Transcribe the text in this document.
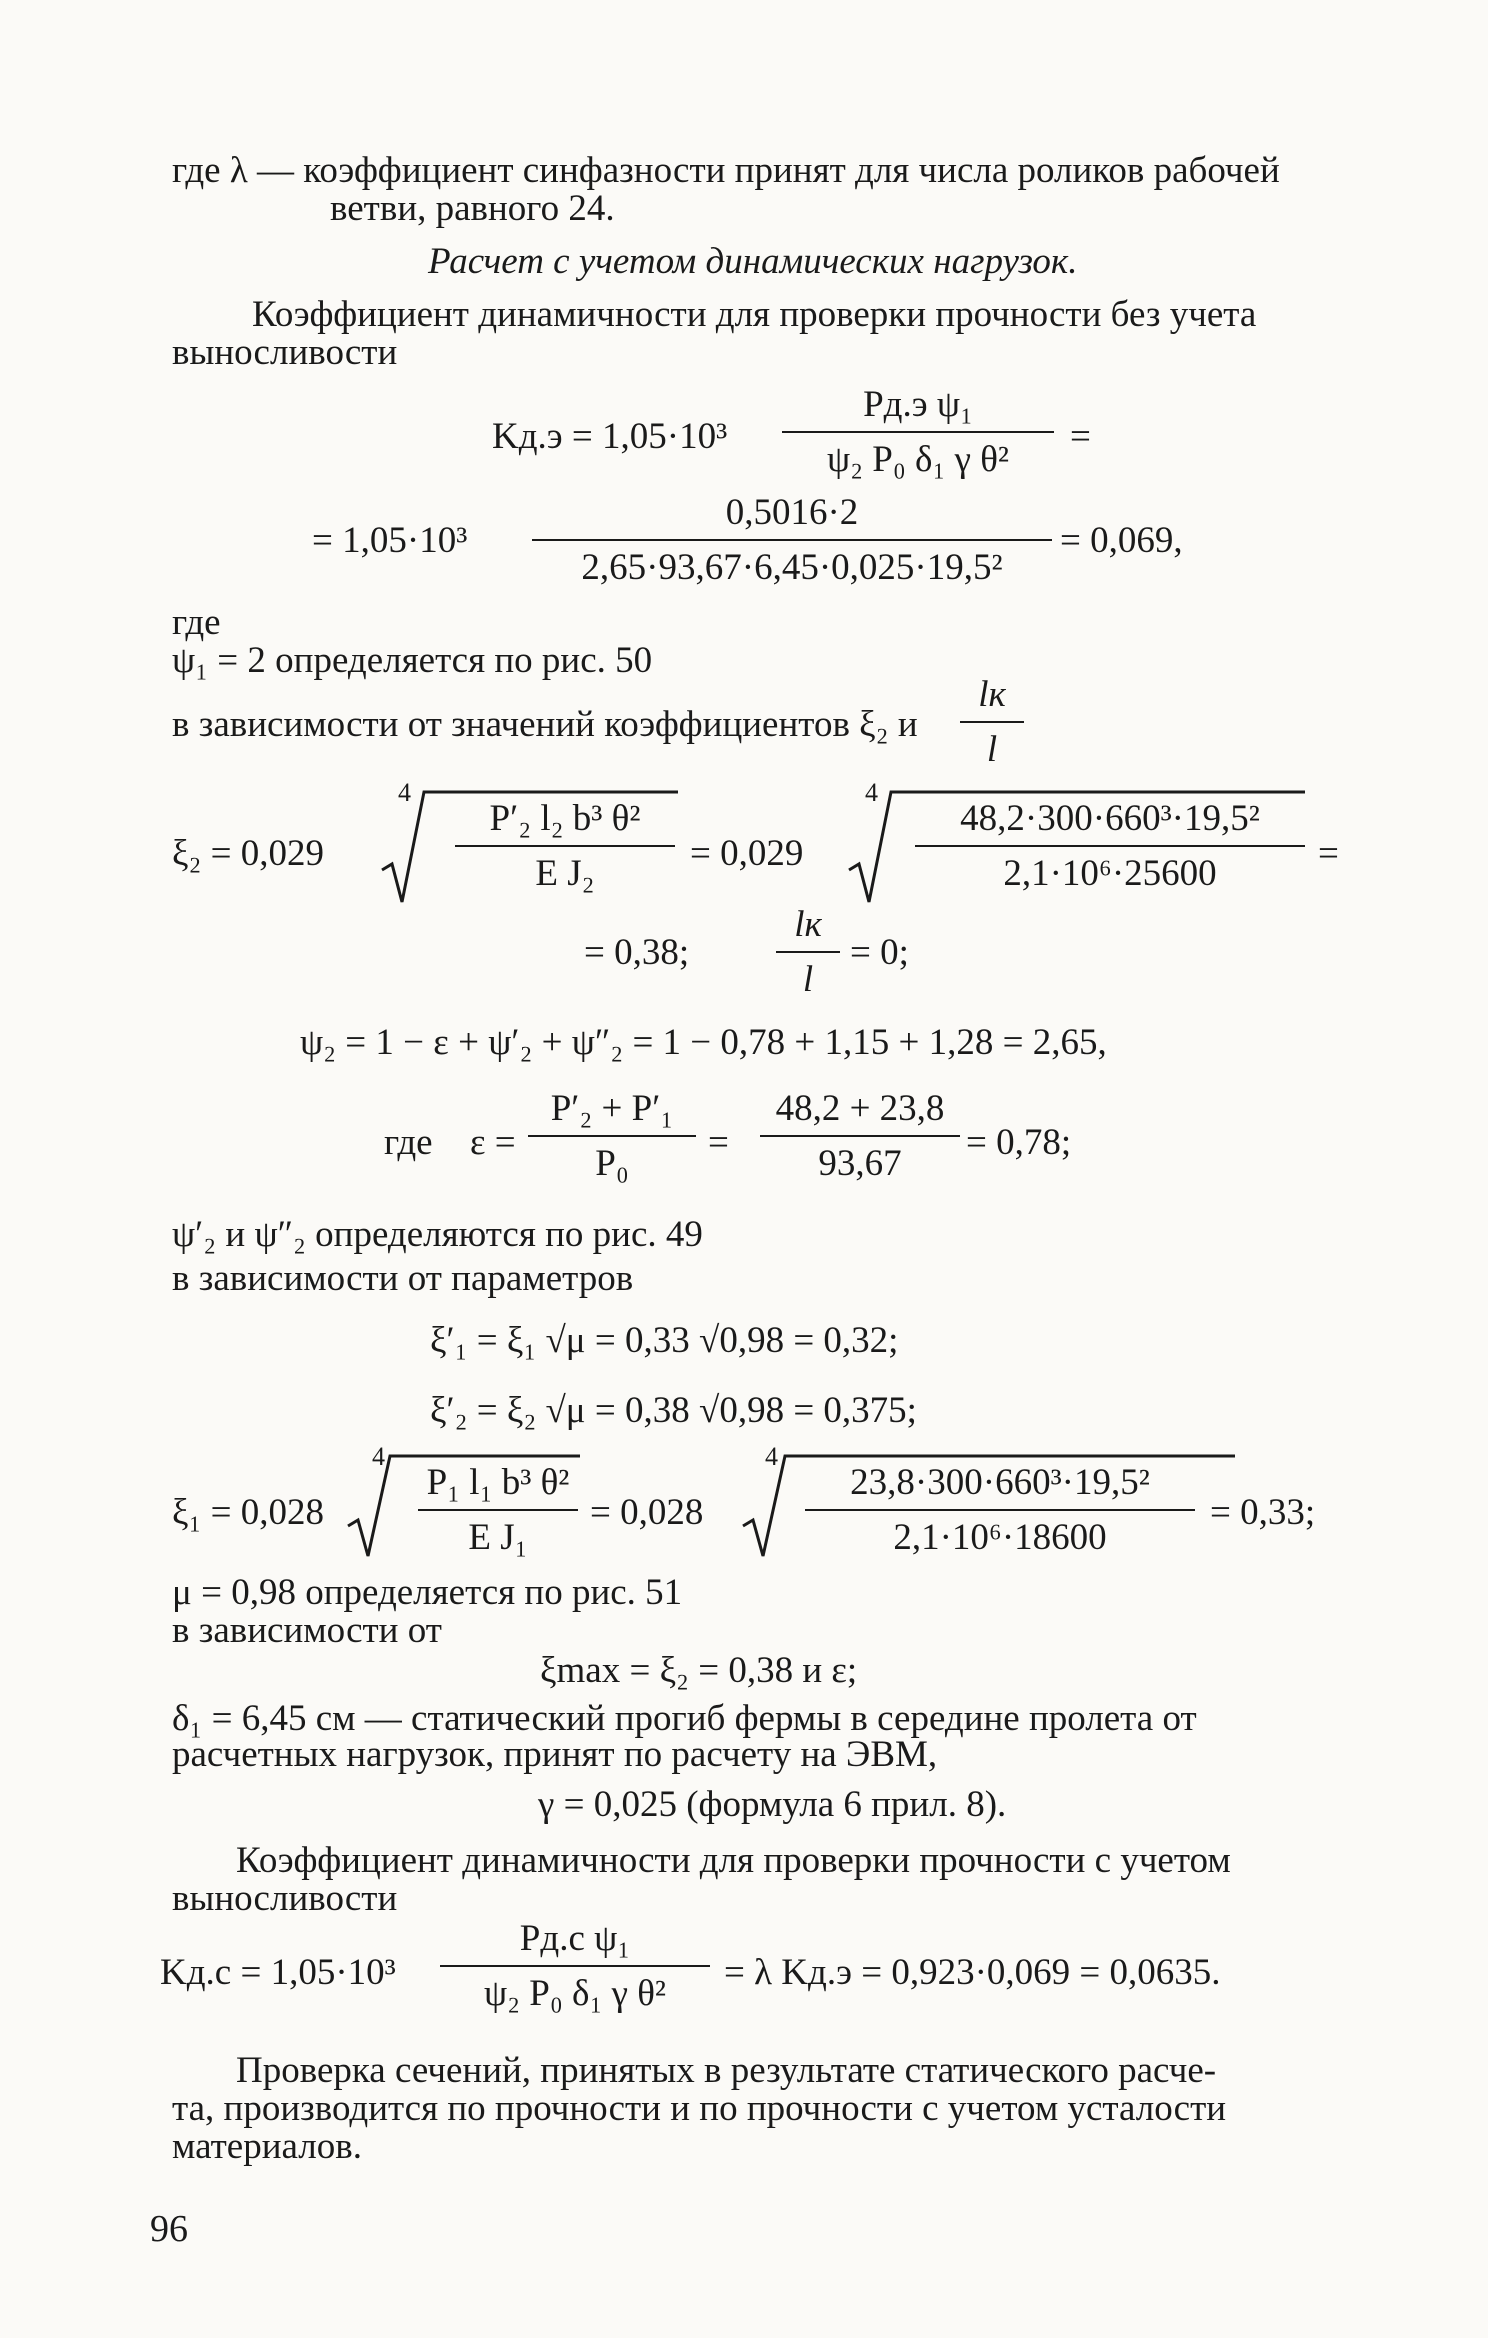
где λ — коэффициент синфазности принят для числа роликов рабочей
ветви, равного 24.
Расчет с учетом динамических нагрузок.
Коэффициент динамичности для проверки прочности без учета
выносливости
Kд.э = 1,05·10³
Pд.э ψ₁
ψ₂ P₀ δ₁ γ θ²
=
= 1,05·10³
0,5016·2
2,65·93,67·6,45·0,025·19,5²
= 0,069,
где
ψ₁ = 2 определяется по рис. 50
в зависимости от значений коэффициентов ξ₂ и
lк
l
ξ₂ = 0,029
4
P′₂ l₂ b³ θ²
E J₂	= 0,029
4
48,2·300·660³·19,5²
2,1·10⁶·25600	=
= 0,38;
lк
l
= 0;
ψ₂ = 1 − ε + ψ′₂ + ψ″₂ = 1 − 0,78 + 1,15 + 1,28 = 2,65,
где ε =
P′₂ + P′₁
P₀
=
48,2 + 23,8
93,67
= 0,78;
ψ′₂ и ψ″₂ определяются по рис. 49
в зависимости от параметров
ξ′₁ = ξ₁ √μ = 0,33 √0,98 = 0,32;
ξ′₂ = ξ₂ √μ = 0,38 √0,98 = 0,375;
ξ₁ = 0,028
4
P₁ l₁ b³ θ²
E J₁
= 0,028
4
23,8·300·660³·19,5²
2,1·10⁶·18600
= 0,33;
μ = 0,98 определяется по рис. 51
в зависимости от
ξmax = ξ₂ = 0,38 и ε;
δ₁ = 6,45 см — статический прогиб фермы в середине пролета от
расчетных нагрузок, принят по расчету на ЭВМ,
γ = 0,025 (формула 6 прил. 8).
Коэффициент динамичности для проверки прочности с учетом
выносливости
Kд.с = 1,05·10³
Pд.с ψ₁
ψ₂ P₀ δ₁ γ θ²
= λ Kд.э = 0,923·0,069 = 0,0635.
Проверка сечений, принятых в результате статического расче-
та, производится по прочности и по прочности с учетом усталости
материалов.
96
